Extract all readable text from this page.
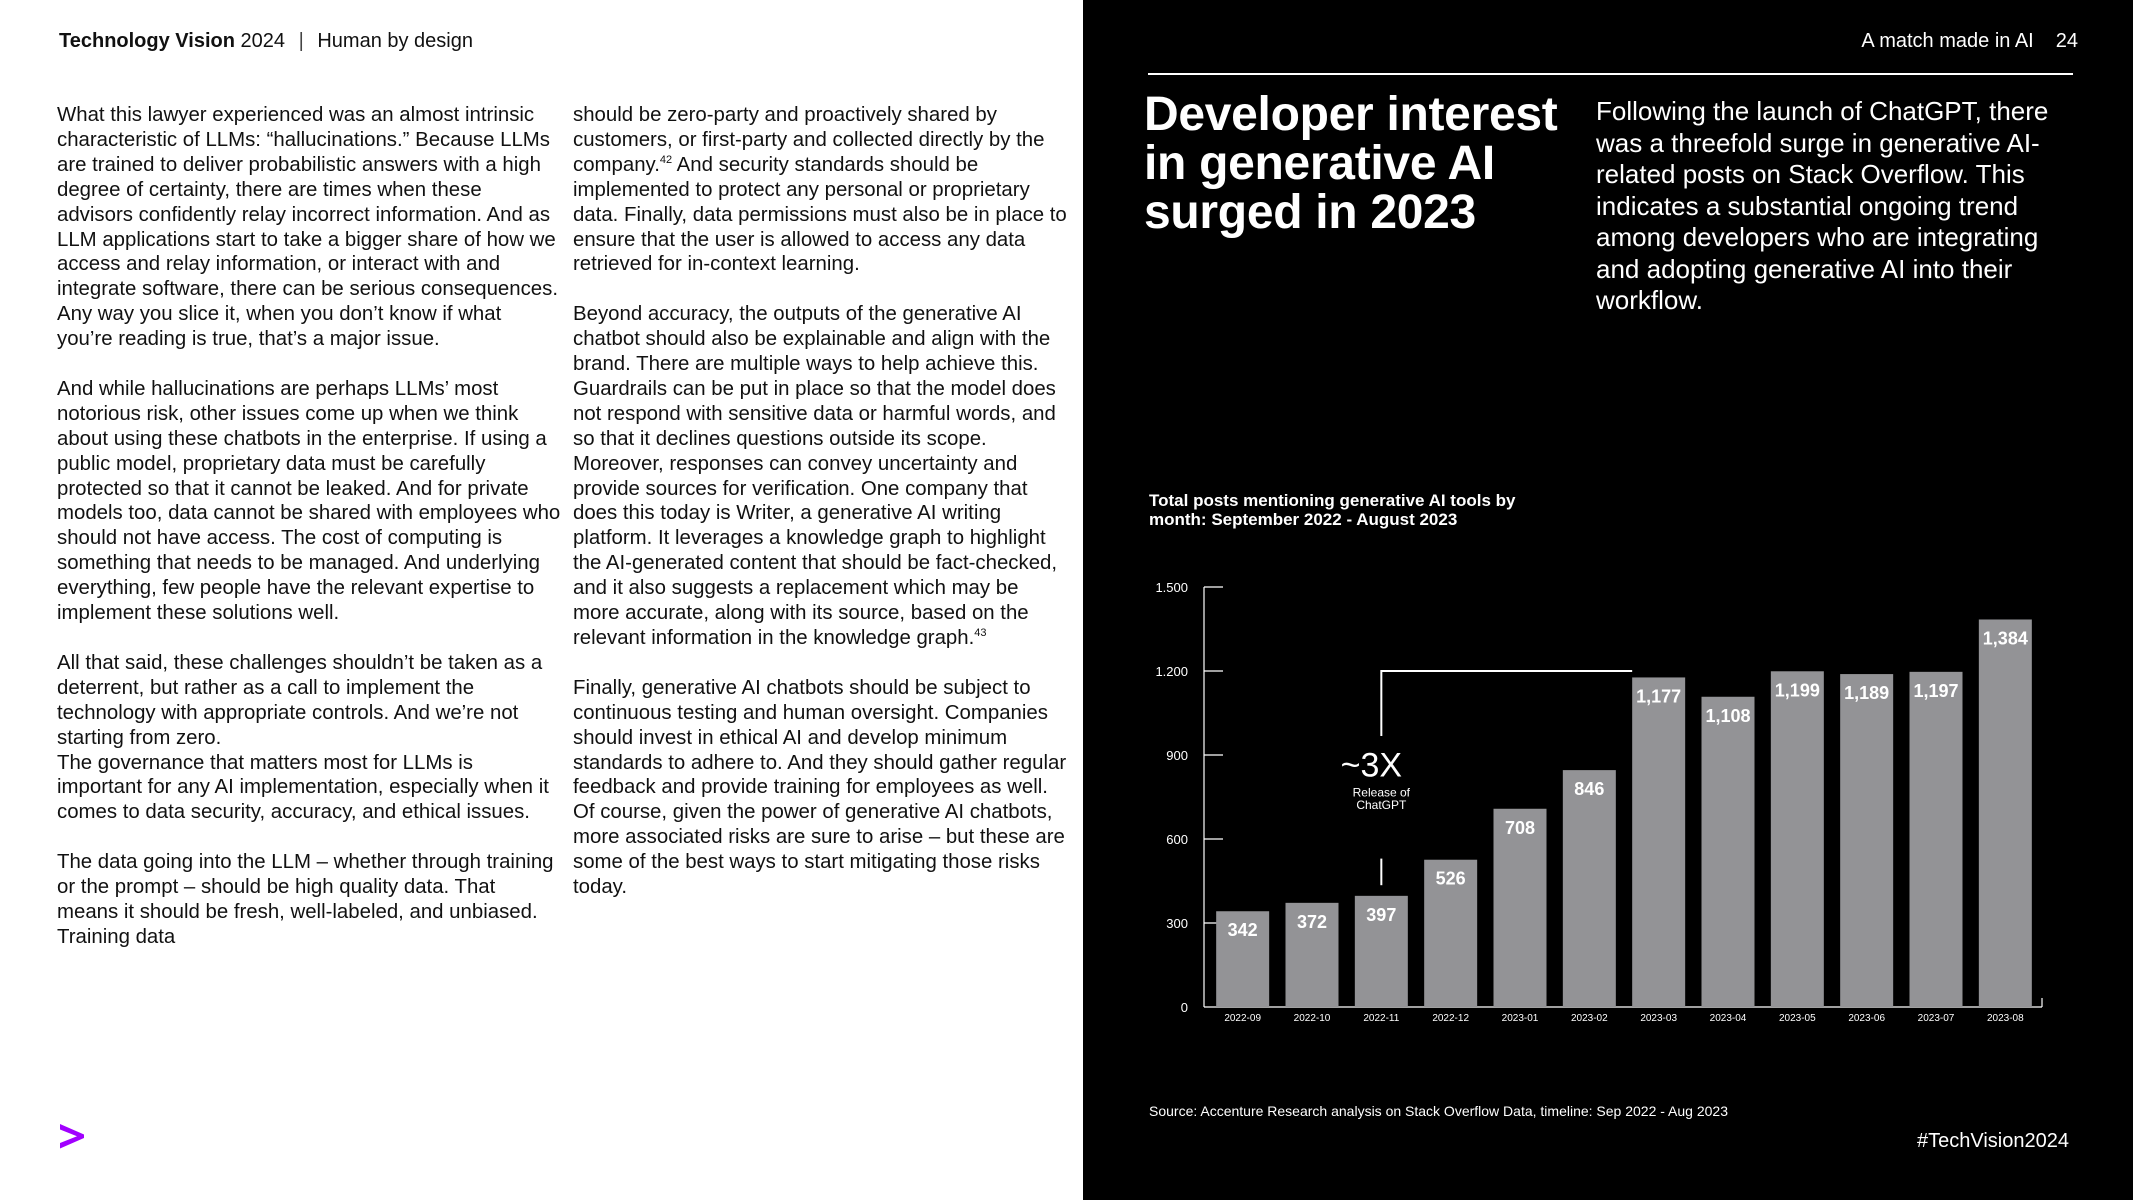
Technology Vision 2024 | Human by design

What this lawyer experienced was an almost intrinsic characteristic of LLMs: “hallucinations.” Because LLMs are trained to deliver probabilistic answers with a high degree of certainty, there are times when these advisors confidently relay incorrect information. And as LLM applications start to take a bigger share of how we access and relay information, or interact with and integrate software, there can be serious consequences. Any way you slice it, when you don’t know if what you’re reading is true, that’s a major issue.

And while hallucinations are perhaps LLMs’ most notorious risk, other issues come up when we think about using these chatbots in the enterprise. If using a public model, proprietary data must be carefully protected so that it cannot be leaked. And for private models too, data cannot be shared with employees who should not have access. The cost of computing is something that needs to be managed. And underlying everything, few people have the relevant expertise to implement these solutions well.

All that said, these challenges shouldn’t be taken as a deterrent, but rather as a call to implement the technology with appropriate controls. And we’re not starting from zero.

The governance that matters most for LLMs is important for any AI implementation, especially when it comes to data security, accuracy, and ethical issues.

The data going into the LLM – whether through training or the prompt – should be high quality data. That means it should be fresh, well-labeled, and unbiased. Training data

should be zero-party and proactively shared by customers, or first-party and collected directly by the company.$^{42}$ And security standards should be implemented to protect any personal or proprietary data. Finally, data permissions must also be in place to ensure that the user is allowed to access any data retrieved for in-context learning.

Beyond accuracy, the outputs of the generative AI chatbot should also be explainable and align with the brand. There are multiple ways to help achieve this. Guardrails can be put in place so that the model does not respond with sensitive data or harmful words, and so that it declines questions outside its scope. Moreover, responses can convey uncertainty and provide sources for verification. One company that does this today is Writer, a generative AI writing platform. It leverages a knowledge graph to highlight the AI-generated content that should be fact-checked, and it also suggests a replacement which may be more accurate, along with its source, based on the relevant information in the knowledge graph.$^{43}$

Finally, generative AI chatbots should be subject to continuous testing and human oversight. Companies should invest in ethical AI and develop minimum standards to adhere to. And they should gather regular feedback and provide training for employees as well.

Of course, given the power of generative AI chatbots, more associated risks are sure to arise – but these are some of the best ways to start mitigating those risks today.

A match made in AI 24
Developer interest in generative AI surged in 2023
Following the launch of ChatGPT, there was a threefold surge in generative AI-related posts on Stack Overflow. This indicates a substantial ongoing trend among developers who are integrating and adopting generative AI into their workflow.
Total posts mentioning generative AI tools by month: September 2022 - August 2023
0
300
600
900
1.200
1.500
342
2022-09
372
2022-10
397
2022-11
526
2022-12
708
2023-01
846
2023-02
1,177
2023-03
1,108
2023-04
1,199
2023-05
1,189
2023-06
1,197
2023-07
1,384
2023-08
~3X
Release of
ChatGPT
Source: Accenture Research analysis on Stack Overflow Data, timeline: Sep 2022 - Aug 2023
#TechVision2024
